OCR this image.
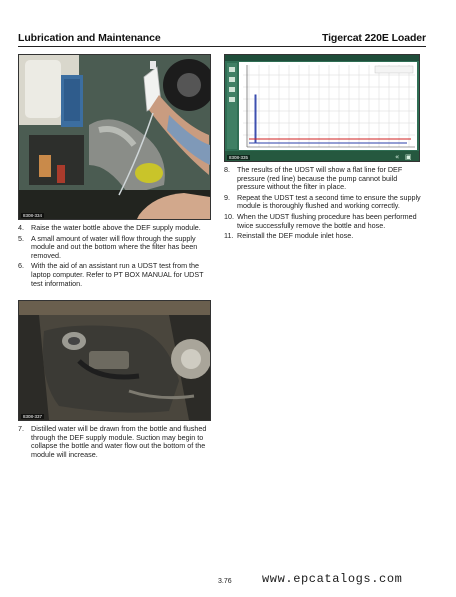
Lubrication and Maintenance	Tigercat 220E Loader
8308-334
« ▣
8308-335
8308-337
4. Raise the water bottle above the DEF supply module.
5. A small amount of water will flow through the supply module and out the bottom where the filter has been removed.
6. With the aid of an assistant run a UDST test from the laptop computer. Refer to PT BOX MANUAL for UDST test information.
7. Distilled water will be drawn from the bottle and flushed through the DEF supply module. Suction may begin to collapse the bottle and water flow out the bottom of the module will increase.
8. The results of the UDST will show a flat line for DEF pressure (red line) because the pump cannot build pressure without the filter in place.
9. Repeat the UDST test a second time to ensure the supply module is thoroughly flushed and working correctly.
10. When the UDST flushing procedure has been performed twice successfully remove the bottle and hose.
11. Reinstall the DEF module inlet hose.
3.76	www.epcatalogs.com
